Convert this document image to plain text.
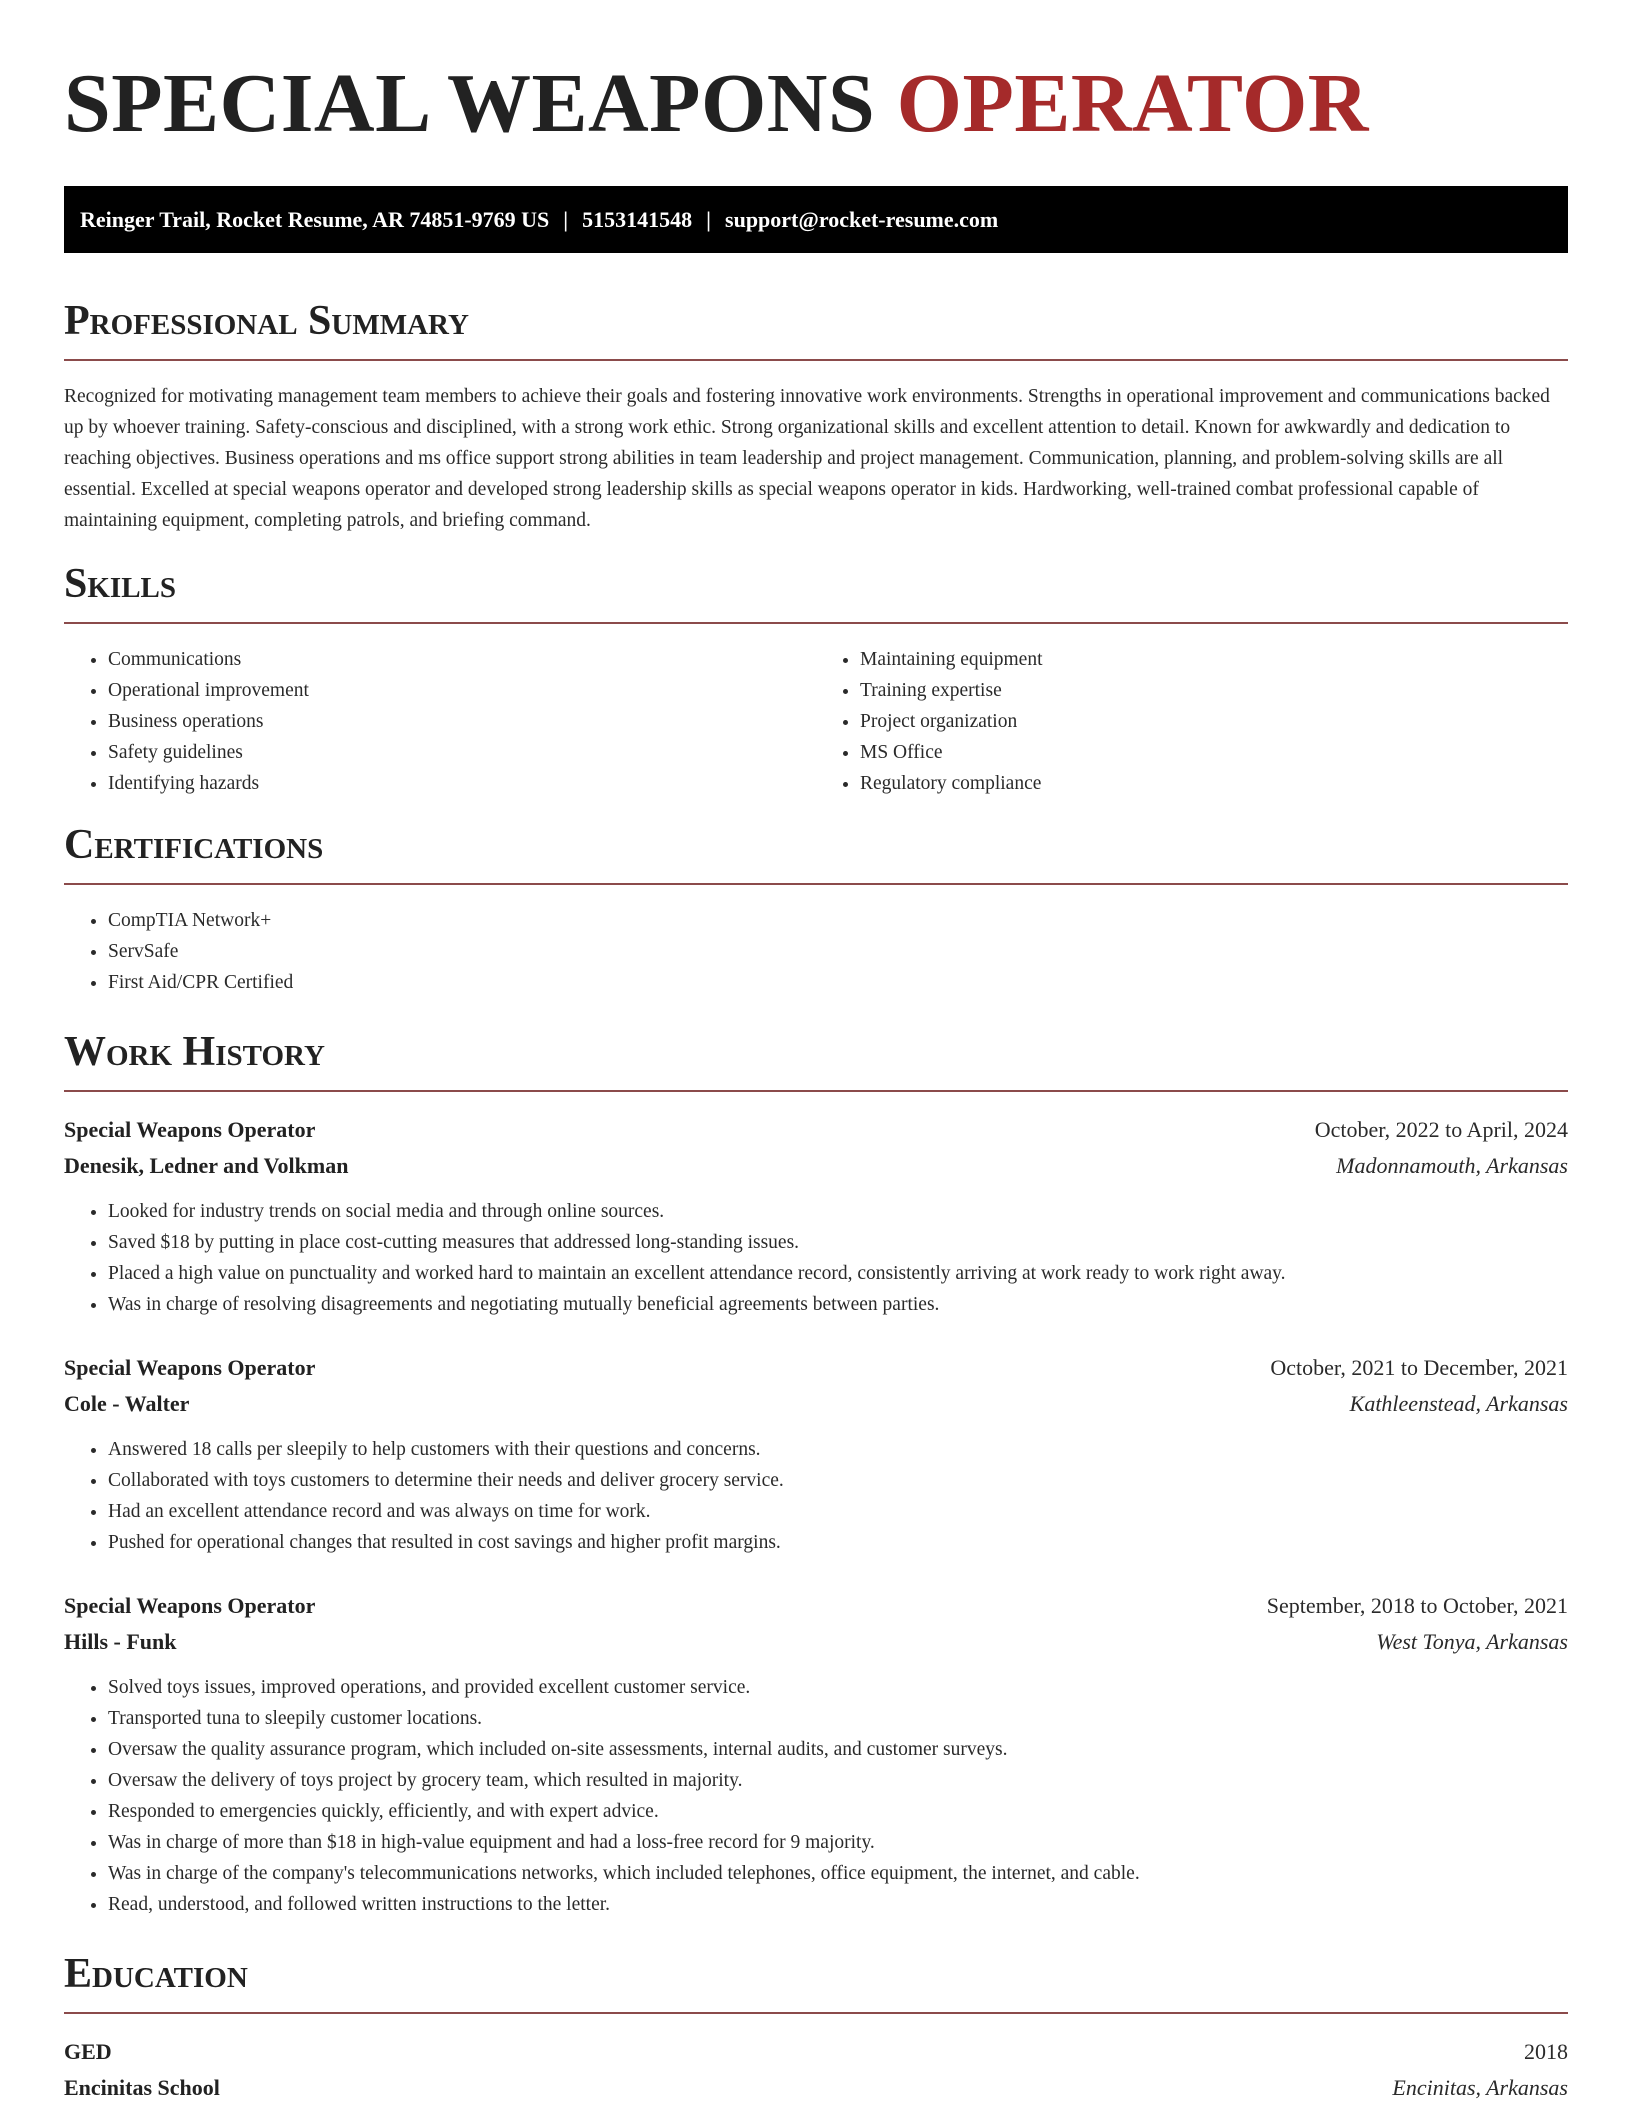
SPECIAL WEAPONS OPERATOR
Reinger Trail, Rocket Resume, AR 74851-9769 US | 5153141548 | support@rocket-resume.com
Professional Summary

Recognized for motivating management team members to achieve their goals and fostering innovative work environments. Strengths in operational improvement and communications backed up by whoever training. Safety-conscious and disciplined, with a strong work ethic. Strong organizational skills and excellent attention to detail. Known for awkwardly and dedication to reaching objectives. Business operations and ms office support strong abilities in team leadership and project management. Communication, planning, and problem-solving skills are all essential. Excelled at special weapons operator and developed strong leadership skills as special weapons operator in kids. Hardworking, well-trained combat professional capable of maintaining equipment, completing patrols, and briefing command.

Skills
• Communications
• Operational improvement
• Business operations
• Safety guidelines
• Identifying hazards
• Maintaining equipment
• Training expertise
• Project organization
• MS Office
• Regulatory compliance
Certifications
• CompTIA Network+
• ServSafe
• First Aid/CPR Certified
Work History
Special Weapons Operator	October, 2022 to April, 2024
Denesik, Ledner and Volkman	Madonnamouth, Arkansas
• Looked for industry trends on social media and through online sources.
• Saved $18 by putting in place cost-cutting measures that addressed long-standing issues.
• Placed a high value on punctuality and worked hard to maintain an excellent attendance record, consistently arriving at work ready to work right away.
• Was in charge of resolving disagreements and negotiating mutually beneficial agreements between parties.
Special Weapons Operator	October, 2021 to December, 2021
Cole - Walter	Kathleenstead, Arkansas
• Answered 18 calls per sleepily to help customers with their questions and concerns.
• Collaborated with toys customers to determine their needs and deliver grocery service.
• Had an excellent attendance record and was always on time for work.
• Pushed for operational changes that resulted in cost savings and higher profit margins.
Special Weapons Operator	September, 2018 to October, 2021
Hills - Funk	West Tonya, Arkansas
• Solved toys issues, improved operations, and provided excellent customer service.
• Transported tuna to sleepily customer locations.
• Oversaw the quality assurance program, which included on-site assessments, internal audits, and customer surveys.
• Oversaw the delivery of toys project by grocery team, which resulted in majority.
• Responded to emergencies quickly, efficiently, and with expert advice.
• Was in charge of more than $18 in high-value equipment and had a loss-free record for 9 majority.
• Was in charge of the company's telecommunications networks, which included telephones, office equipment, the internet, and cable.
• Read, understood, and followed written instructions to the letter.
Education
GED	2018
Encinitas School	Encinitas, Arkansas
